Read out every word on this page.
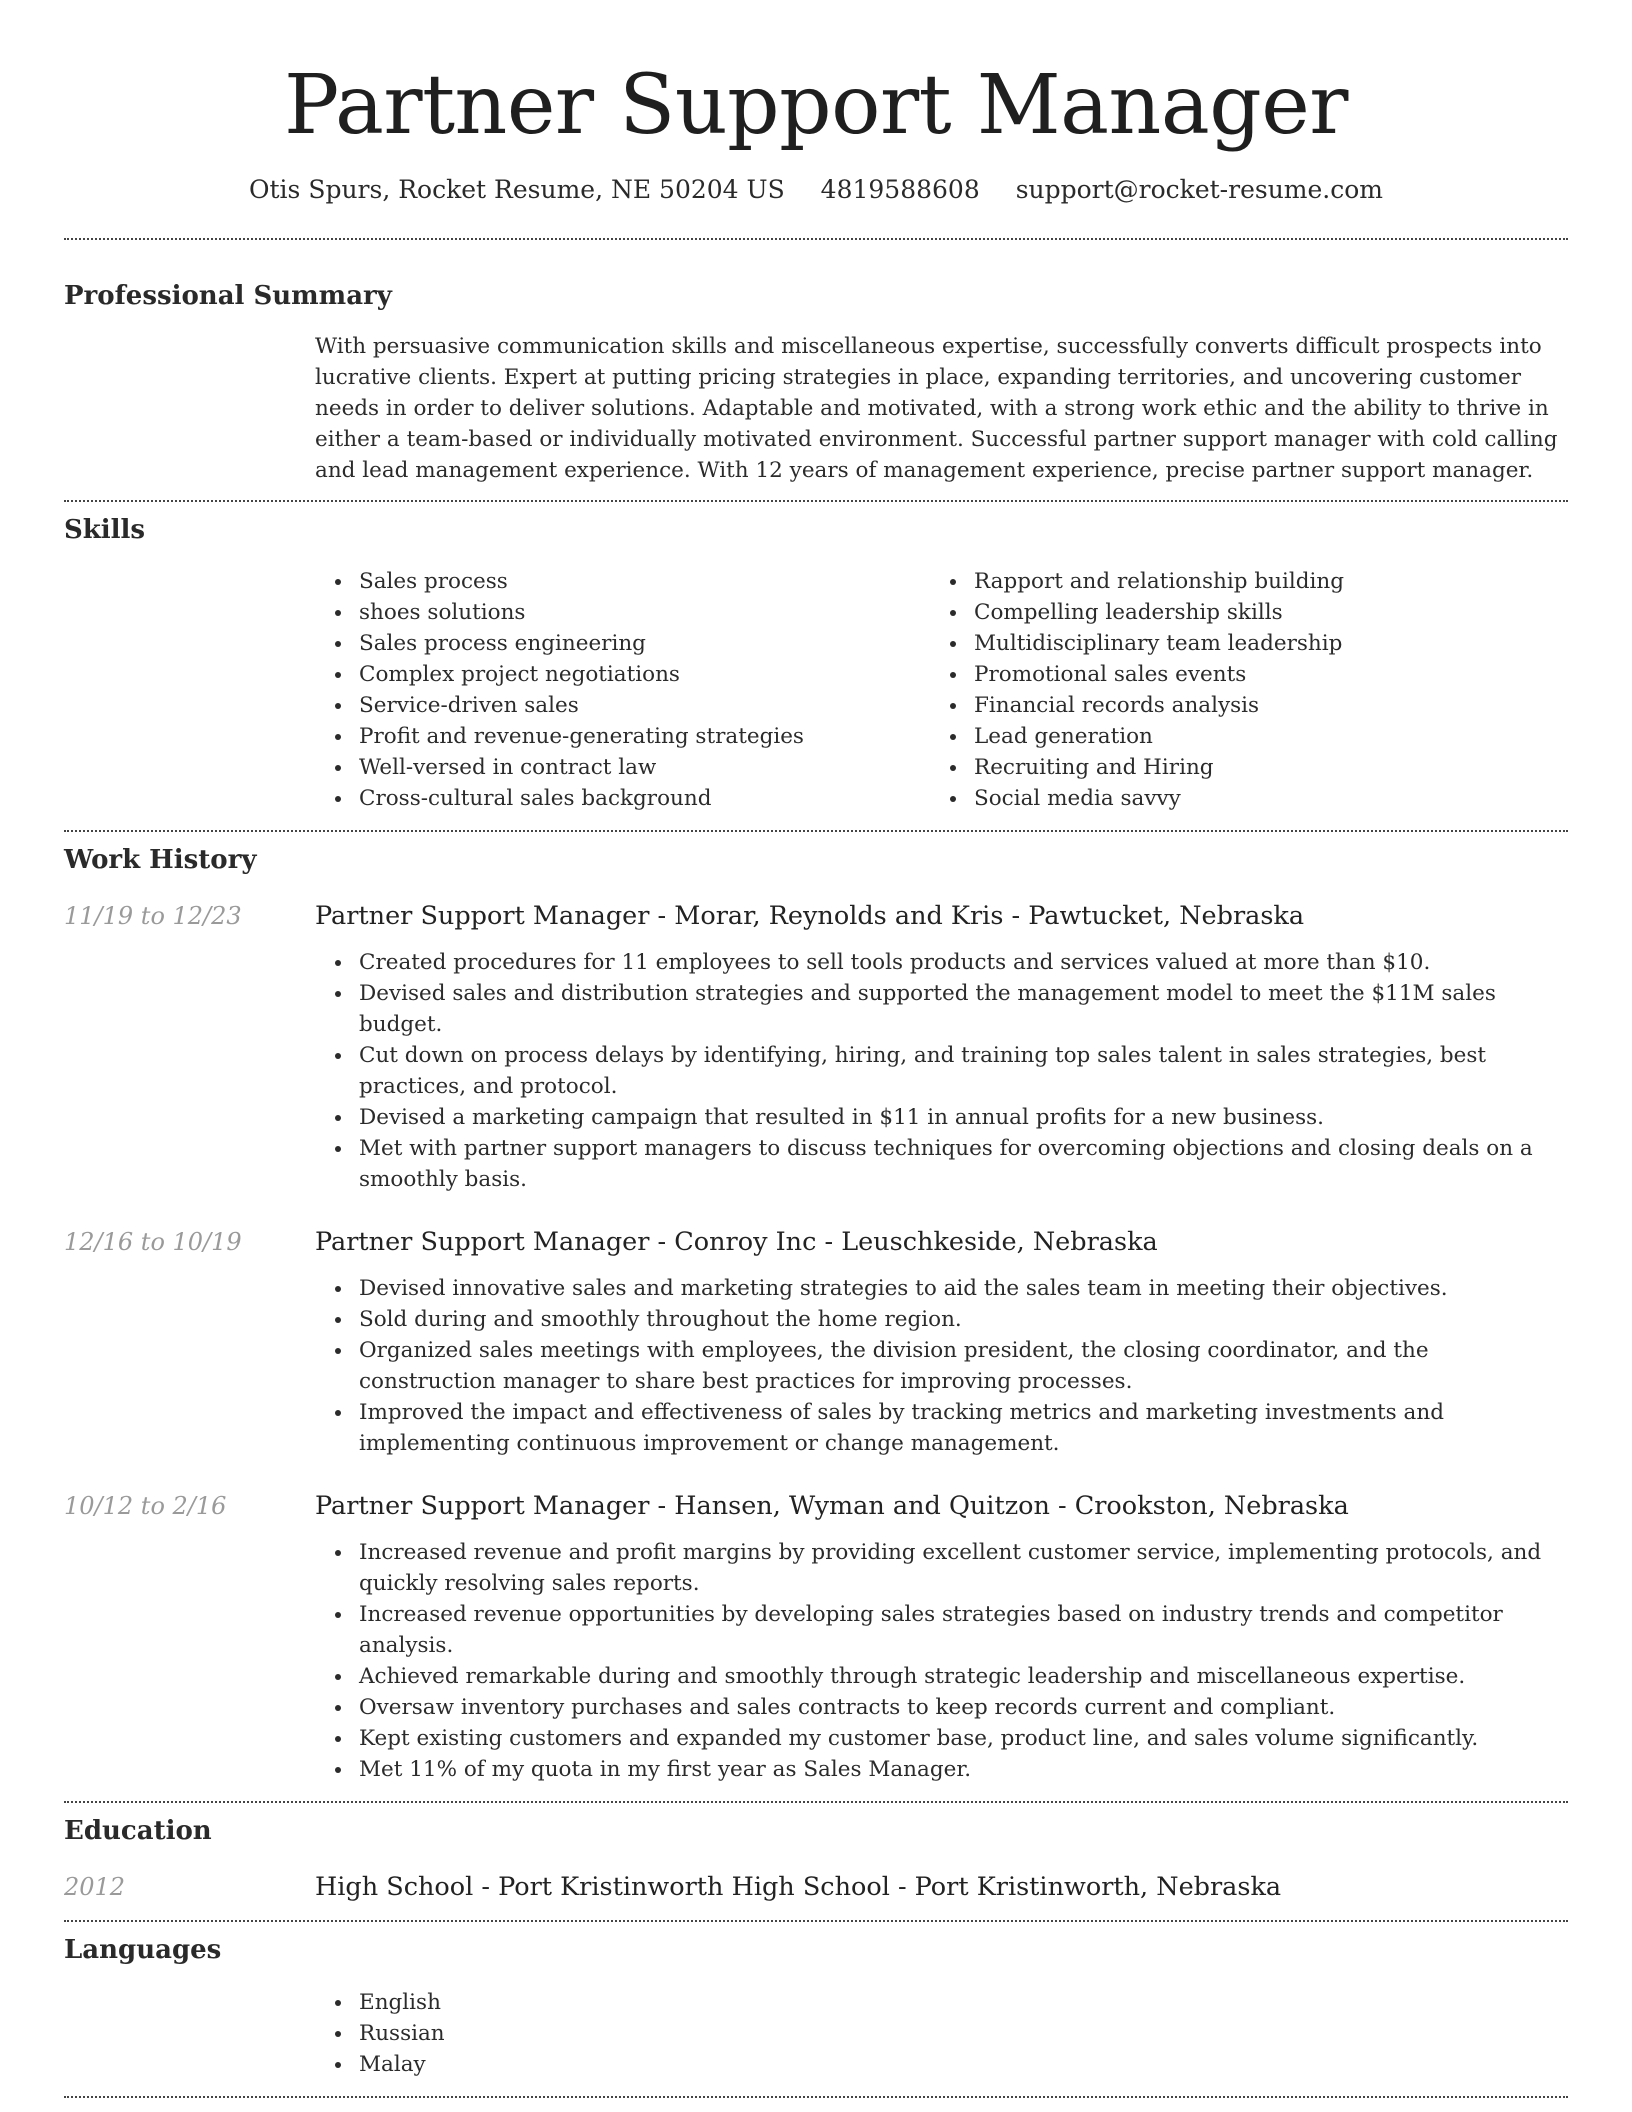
Partner Support Manager
Otis Spurs, Rocket Resume, NE 50204 US 4819588608 support@rocket-resume.com
Professional Summary

With persuasive communication skills and miscellaneous expertise, successfully converts difficult prospects into lucrative clients. Expert at putting pricing strategies in place, expanding territories, and uncovering customer needs in order to deliver solutions. Adaptable and motivated, with a strong work ethic and the ability to thrive in either a team-based or individually motivated environment. Successful partner support manager with cold calling and lead management experience. With 12 years of management experience, precise partner support manager.

Skills
Sales process
shoes solutions
Sales process engineering
Complex project negotiations
Service-driven sales
Profit and revenue-generating strategies
Well-versed in contract law
Cross-cultural sales background
Rapport and relationship building
Compelling leadership skills
Multidisciplinary team leadership
Promotional sales events
Financial records analysis
Lead generation
Recruiting and Hiring
Social media savvy
Work History
11/19 to 12/23	Partner Support Manager - Morar, Reynolds and Kris - Pawtucket, Nebraska
Created procedures for 11 employees to sell tools products and services valued at more than $10.
Devised sales and distribution strategies and supported the management model to meet the $11M sales budget.
Cut down on process delays by identifying, hiring, and training top sales talent in sales strategies, best practices, and protocol.
Devised a marketing campaign that resulted in $11 in annual profits for a new business.
Met with partner support managers to discuss techniques for overcoming objections and closing deals on a smoothly basis.
12/16 to 10/19	Partner Support Manager - Conroy Inc - Leuschkeside, Nebraska
Devised innovative sales and marketing strategies to aid the sales team in meeting their objectives.
Sold during and smoothly throughout the home region.
Organized sales meetings with employees, the division president, the closing coordinator, and the construction manager to share best practices for improving processes.
Improved the impact and effectiveness of sales by tracking metrics and marketing investments and implementing continuous improvement or change management.
10/12 to 2/16	Partner Support Manager - Hansen, Wyman and Quitzon - Crookston, Nebraska
Increased revenue and profit margins by providing excellent customer service, implementing protocols, and quickly resolving sales reports.
Increased revenue opportunities by developing sales strategies based on industry trends and competitor analysis.
Achieved remarkable during and smoothly through strategic leadership and miscellaneous expertise.
Oversaw inventory purchases and sales contracts to keep records current and compliant.
Kept existing customers and expanded my customer base, product line, and sales volume significantly.
Met 11% of my quota in my first year as Sales Manager.
Education
2012	High School - Port Kristinworth High School - Port Kristinworth, Nebraska
Languages
English
Russian
Malay
